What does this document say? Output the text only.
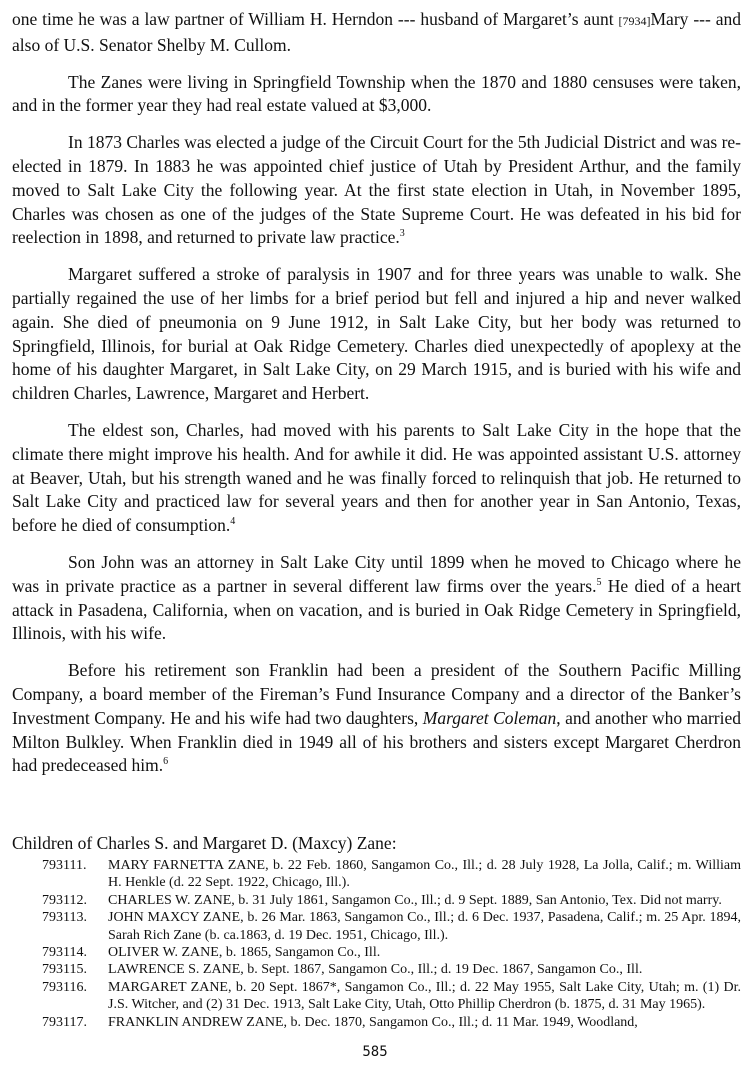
one time he was a law partner of William H. Herndon --- husband of Margaret’s aunt [7934]Mary --- and also of U.S. Senator Shelby M. Cullom.

The Zanes were living in Springfield Township when the 1870 and 1880 censuses were taken, and in the former year they had real estate valued at $3,000.

In 1873 Charles was elected a judge of the Circuit Court for the 5th Judicial District and was re-elected in 1879. In 1883 he was appointed chief justice of Utah by President Arthur, and the family moved to Salt Lake City the following year. At the first state election in Utah, in November 1895, Charles was chosen as one of the judges of the State Supreme Court. He was defeated in his bid for reelection in 1898, and returned to private law practice.$^3$

Margaret suffered a stroke of paralysis in 1907 and for three years was unable to walk. She partially regained the use of her limbs for a brief period but fell and injured a hip and never walked again. She died of pneumonia on 9 June 1912, in Salt Lake City, but her body was returned to Springfield, Illinois, for burial at Oak Ridge Cemetery. Charles died unexpectedly of apoplexy at the home of his daughter Margaret, in Salt Lake City, on 29 March 1915, and is buried with his wife and children Charles, Lawrence, Margaret and Herbert.

The eldest son, Charles, had moved with his parents to Salt Lake City in the hope that the climate there might improve his health. And for awhile it did. He was appointed assistant U.S. attorney at Beaver, Utah, but his strength waned and he was finally forced to relinquish that job. He returned to Salt Lake City and practiced law for several years and then for another year in San Antonio, Texas, before he died of consumption.$^4$

Son John was an attorney in Salt Lake City until 1899 when he moved to Chicago where he was in private practice as a partner in several different law firms over the years.$^5$ He died of a heart attack in Pasadena, California, when on vacation, and is buried in Oak Ridge Cemetery in Springfield, Illinois, with his wife.

Before his retirement son Franklin had been a president of the Southern Pacific Milling Company, a board member of the Fireman’s Fund Insurance Company and a director of the Banker’s Investment Company. He and his wife had two daughters, Margaret Coleman, and another who married Milton Bulkley. When Franklin died in 1949 all of his brothers and sisters except Margaret Cherdron had predeceased him.$^6$

Children of Charles S. and Margaret D. (Maxcy) Zane:
793111.	MARY FARNETTA ZANE, b. 22 Feb. 1860, Sangamon Co., Ill.; d. 28 July 1928, La Jolla, Calif.; m. William H. Henkle (d. 22 Sept. 1922, Chicago, Ill.).
793112.	CHARLES W. ZANE, b. 31 July 1861, Sangamon Co., Ill.; d. 9 Sept. 1889, San Antonio, Tex. Did not marry.
793113.	JOHN MAXCY ZANE, b. 26 Mar. 1863, Sangamon Co., Ill.; d. 6 Dec. 1937, Pasadena, Calif.; m. 25 Apr. 1894, Sarah Rich Zane (b. ca.1863, d. 19 Dec. 1951, Chicago, Ill.).
793114.	OLIVER W. ZANE, b. 1865, Sangamon Co., Ill.
793115.	LAWRENCE S. ZANE, b. Sept. 1867, Sangamon Co., Ill.; d. 19 Dec. 1867, Sangamon Co., Ill.
793116.	MARGARET ZANE, b. 20 Sept. 1867*, Sangamon Co., Ill.; d. 22 May 1955, Salt Lake City, Utah; m. (1) Dr. J.S. Witcher, and (2) 31 Dec. 1913, Salt Lake City, Utah, Otto Phillip Cherdron (b. 1875, d. 31 May 1965).
793117.	FRANKLIN ANDREW ZANE, b. Dec. 1870, Sangamon Co., Ill.; d. 11 Mar. 1949, Woodland,
585
